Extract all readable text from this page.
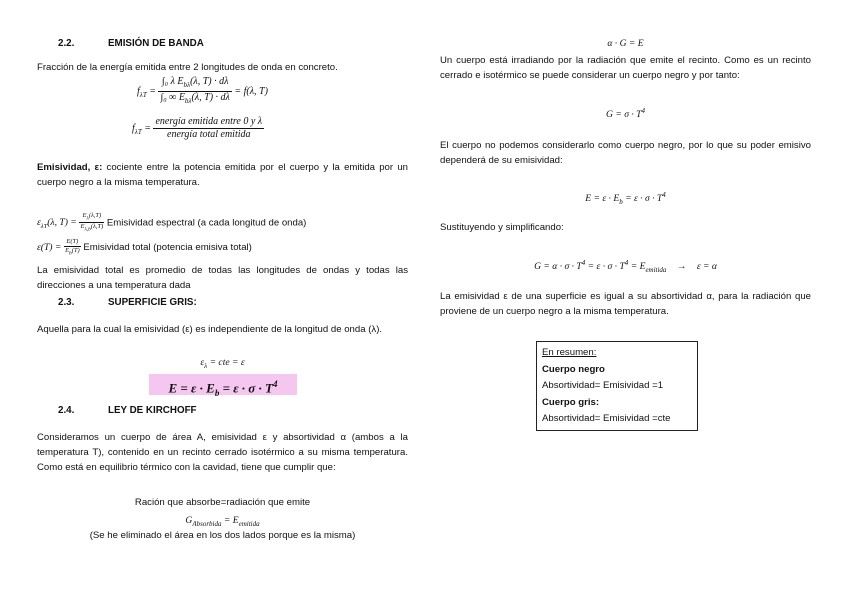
2.2.	EMISIÓN DE BANDA
Fracción de la energía emitida entre 2 longitudes de onda en concreto.
$f_{\lambda T} = \frac{\int_0 \lambda E_{b\lambda}(\lambda, T) \cdot d\lambda}{\int_0 \infty E_{b\lambda}(\lambda, T) \cdot d\lambda} = f(\lambda$, T)
$f_{\lambda T} = \frac{\text{energía emitida entre 0 y λ}}{\text{energía total emitida}}$
Emisividad, ε: cociente entre la potencia emitida por el cuerpo y la emitida por un cuerpo negro a la misma temperatura.
$\varepsilon_{\lambda T}(\lambda$, $T) = \frac{E_\lambda(\lambda,T)}{E_{\lambda,b}(\lambda,T)}$ Emisividad espectral (a cada longitud de onda)
$\varepsilon(T) = \frac{E(T)}{E_b(T)}$ Emisividad total (potencia emisiva total)
La emisividad total es promedio de todas las longitudes de ondas y todas las direcciones a una temperatura dada
2.3.	SUPERFICIE GRIS:
Aquella para la cual la emisividad (ε) es independiente de la longitud de onda (λ).
$\varepsilon_\lambda$ = cte = ε
$E = \varepsilon \cdot E_b = \varepsilon \cdot \sigma \cdot T^4$
2.4.	LEY DE KIRCHOFF
Consideramos un cuerpo de área A, emisividad ε y absortividad α (ambos a la temperatura T), contenido en un recinto cerrado isotérmico a su misma temperatura. Como está en equilibrio térmico con la cavidad, tiene que cumplir que:
Ración que absorbe=radiación que emite
$G_{Absorbida} = E_{emitida}$
(Se he eliminado el área en los dos lados porque es la misma)
α · G = E
Un cuerpo está irradiando por la radiación que emite el recinto. Como es un recinto cerrado e isotérmico se puede considerar un cuerpo negro y por tanto:
$G = \sigma \cdot T^4$
El cuerpo no podemos considerarlo como cuerpo negro, por lo que su poder emisivo dependerá de su emisividad:
$E = \varepsilon \cdot E_b = \varepsilon \cdot \sigma \cdot T^4$
Sustituyendo y simplificando:
$G = \alpha \cdot \sigma \cdot T^4 = \varepsilon \cdot \sigma \cdot T^4 = E_{emitida} \to \varepsilon = \alpha$
La emisividad ε de una superficie es igual a su absortividad α, para la radiación que proviene de un cuerpo negro a la misma temperatura.
En resumen:
Cuerpo negro
Absortividad= Emisividad =1
Cuerpo gris:
Absortividad= Emisividad =cte
